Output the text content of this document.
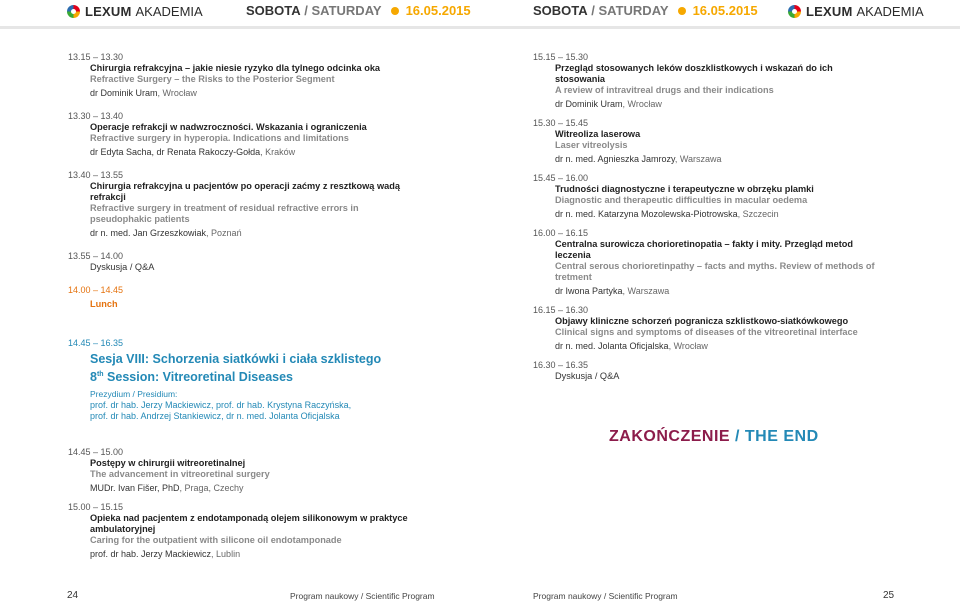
LEXUM AKADEMIA	SOBOTA / SATURDAY 16.05.2015	SOBOTA / SATURDAY 16.05.2015	LEXUM AKADEMIA
13.15 – 13.30
Chirurgia refrakcyjna – jakie niesie ryzyko dla tylnego odcinka oka
Refractive Surgery – the Risks to the Posterior Segment
dr Dominik Uram, Wrocław
13.30 – 13.40
Operacje refrakcji w nadwzroczności. Wskazania i ograniczenia
Refractive surgery in hyperopia. Indications and limitations
dr Edyta Sacha, dr Renata Rakoczy-Gołda, Kraków
13.40 – 13.55
Chirurgia refrakcyjna u pacjentów po operacji zaćmy z resztkową wadą refrakcji
Refractive surgery in treatment of residual refractive errors in pseudophakic patients
dr n. med. Jan Grzeszkowiak, Poznań
13.55 – 14.00
Dyskusja / Q&A
14.00 – 14.45
Lunch
14.45 – 16.35
Sesja VIII: Schorzenia siatkówki i ciała szklistego
8th Session: Vitreoretinal Diseases
Prezydium / Presidium:
prof. dr hab. Jerzy Mackiewicz, prof. dr hab. Krystyna Raczyńska,
prof. dr hab. Andrzej Stankiewicz, dr n. med. Jolanta Oficjalska
14.45 – 15.00
Postępy w chirurgii witreoretinalnej
The advancement in vitreoretinal surgery
MUDr. Ivan Fišer, PhD, Praga, Czechy
15.00 – 15.15
Opieka nad pacjentem z endotamponadą olejem silikonowym w praktyce ambulatoryjnej
Caring for the outpatient with silicone oil endotamponade
prof. dr hab. Jerzy Mackiewicz, Lublin
15.15 – 15.30
Przegląd stosowanych leków doszklistkowych i wskazań do ich stosowania
A review of intravitreal drugs and their indications
dr Dominik Uram, Wrocław
15.30 – 15.45
Witreoliza laserowa
Laser vitreolysis
dr n. med. Agnieszka Jamrozy, Warszawa
15.45 – 16.00
Trudności diagnostyczne i terapeutyczne w obrzęku plamki
Diagnostic and therapeutic difficulties in macular oedema
dr n. med. Katarzyna Mozolewska-Piotrowska, Szczecin
16.00 – 16.15
Centralna surowicza chorioretinopatia – fakty i mity. Przegląd metod leczenia
Central serous chorioretinpathy – facts and myths. Review of methods of tretment
dr Iwona Partyka, Warszawa
16.15 – 16.30
Objawy kliniczne schorzeń pogranicza szklistkowo-siatkówkowego
Clinical signs and symptoms of diseases of the vitreoretinal interface
dr n. med. Jolanta Oficjalska, Wrocław
16.30 – 16.35
Dyskusja / Q&A
ZAKOŃCZENIE / THE END
24	Program naukowy / Scientific Program	Program naukowy / Scientific Program	25
